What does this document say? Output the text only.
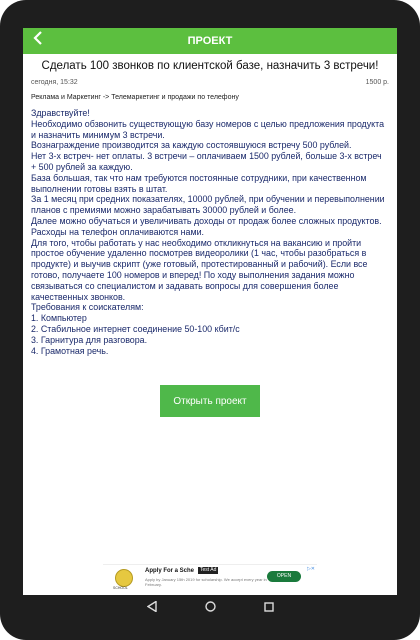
ПРОЕКТ
Сделать 100 звонков по клиентской базе, назначить 3 встречи!
сегодня, 15:32	1500 р.
Реклама и Маркетинг -> Телемаркетинг и продажи по телефону

Здравствуйте!

Необходимо обзвонить существующую базу номеров с целью предложения продукта и назначить минимум 3 встречи.

Вознаграждение производится за каждую состоявшуюся встречу 500 рублей.

Нет 3-х встреч- нет оплаты. 3 встречи – оплачиваем 1500 рублей, больше 3-х встреч + 500 рублей за каждую.

База большая, так что нам требуются постоянные сотрудники, при качественном выполнении готовы взять в штат.

За 1 месяц при средних показателях, 10000 рублей, при обучении и перевыполнении планов с премиями можно зарабатывать 30000 рублей и более.

Далее можно обучаться и увеличивать доходы от продаж более сложных продуктов.

Расходы на телефон оплачиваются нами.

Для того, чтобы работать у нас необходимо откликнуться на вакансию и пройти простое обучение удаленно посмотрев видеоролики (1 час, чтобы разобраться в продукте) и выучив скрипт (уже готовый, протестированный и рабочий). Если все готово, получаете 100 номеров и вперед! По ходу выполнения задания можно связываться со специалистом и задавать вопросы для совершения более качественных звонков.

Требования к соискателям:

1. Компьютер

2. Стабильное интернет соединение 50-100 кбит/с

3. Гарнитура для разговора.

4. Грамотная речь.

Открыть проект
SCHOOL
Apply For a Sche	Test Ad
Apply by January 15th 2019 for scholarship. We accept every year in February.
OPEN
▷✕
